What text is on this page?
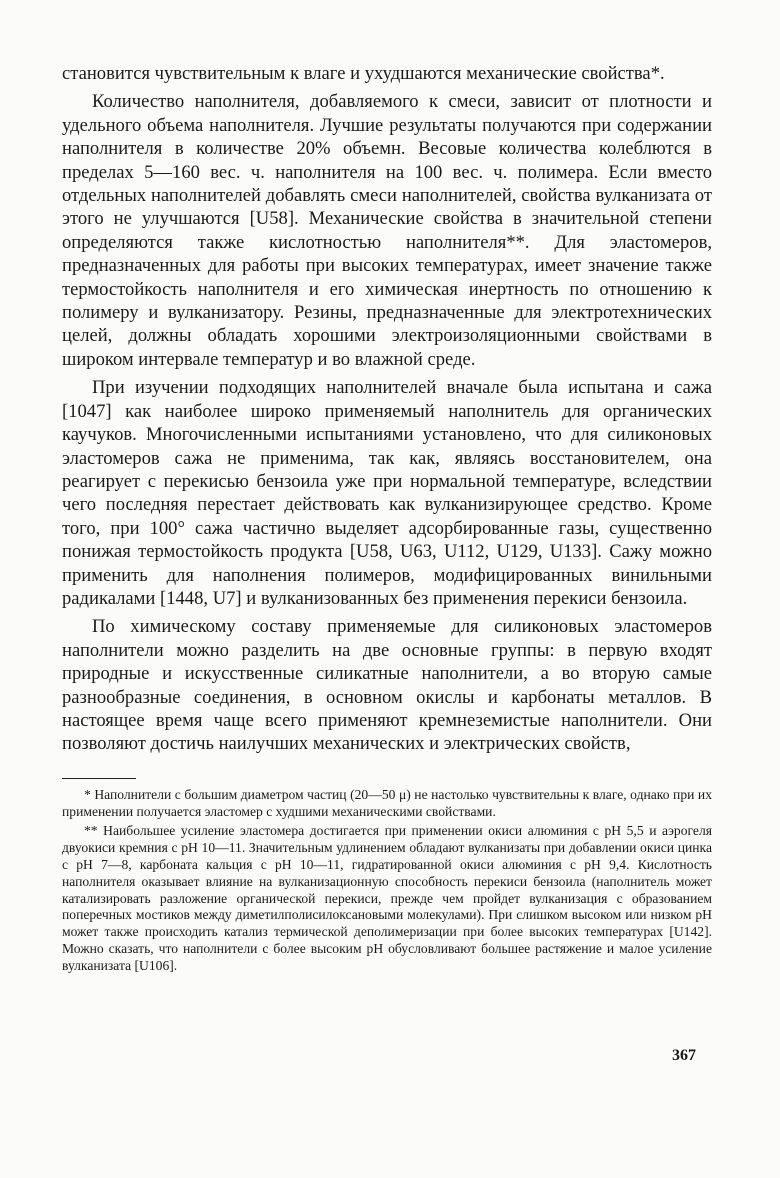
становится чувствительным к влаге и ухудшаются механические свойства*.

Количество наполнителя, добавляемого к смеси, зависит от плотности и удельного объема наполнителя. Лучшие результаты получаются при содержании наполнителя в количестве 20% объемн. Весовые количества колеблются в пределах 5—160 вес. ч. наполнителя на 100 вес. ч. полимера. Если вместо отдельных наполнителей добавлять смеси наполнителей, свойства вулканизата от этого не улучшаются [U58]. Механические свойства в значительной степени определяются также кислотностью наполнителя**. Для эластомеров, предназначенных для работы при высоких температурах, имеет значение также термостойкость наполнителя и его химическая инертность по отношению к полимеру и вулканизатору. Резины, предназначенные для электротехнических целей, должны обладать хорошими электроизоляционными свойствами в широком интервале температур и во влажной среде.

При изучении подходящих наполнителей вначале была испытана и сажа [1047] как наиболее широко применяемый наполнитель для органических каучуков. Многочисленными испытаниями установлено, что для силиконовых эластомеров сажа не применима, так как, являясь восстановителем, она реагирует с перекисью бензоила уже при нормальной температуре, вследствии чего последняя перестает действовать как вулканизирующее средство. Кроме того, при 100° сажа частично выделяет адсорбированные газы, существенно понижая термостойкость продукта [U58, U63, U112, U129, U133]. Сажу можно применить для наполнения полимеров, модифицированных винильными радикалами [1448, U7] и вулканизованных без применения перекиси бензоила.

По химическому составу применяемые для силиконовых эластомеров наполнители можно разделить на две основные группы: в первую входят природные и искусственные силикатные наполнители, а во вторую самые разнообразные соединения, в основном окислы и карбонаты металлов. В настоящее время чаще всего применяют кремнеземистые наполнители. Они позволяют достичь наилучших механических и электрических свойств,

* Наполнители с большим диаметром частиц (20—50 μ) не настолько чувствительны к влаге, однако при их применении получается эластомер с худшими механическими свойствами.

** Наибольшее усиление эластомера достигается при применении окиси алюминия с pH 5,5 и аэрогеля двуокиси кремния с pH 10—11. Значительным удлинением обладают вулканизаты при добавлении окиси цинка с pH 7—8, карбоната кальция с pH 10—11, гидратированной окиси алюминия с pH 9,4. Кислотность наполнителя оказывает влияние на вулканизационную способность перекиси бензоила (наполнитель может катализировать разложение органической перекиси, прежде чем пройдет вулканизация с образованием поперечных мостиков между диметилполисилоксановыми молекулами). При слишком высоком или низком pH может также происходить катализ термической деполимеризации при более высоких температурах [U142]. Можно сказать, что наполнители с более высоким pH обусловливают большее растяжение и малое усиление вулканизата [U106].

367
